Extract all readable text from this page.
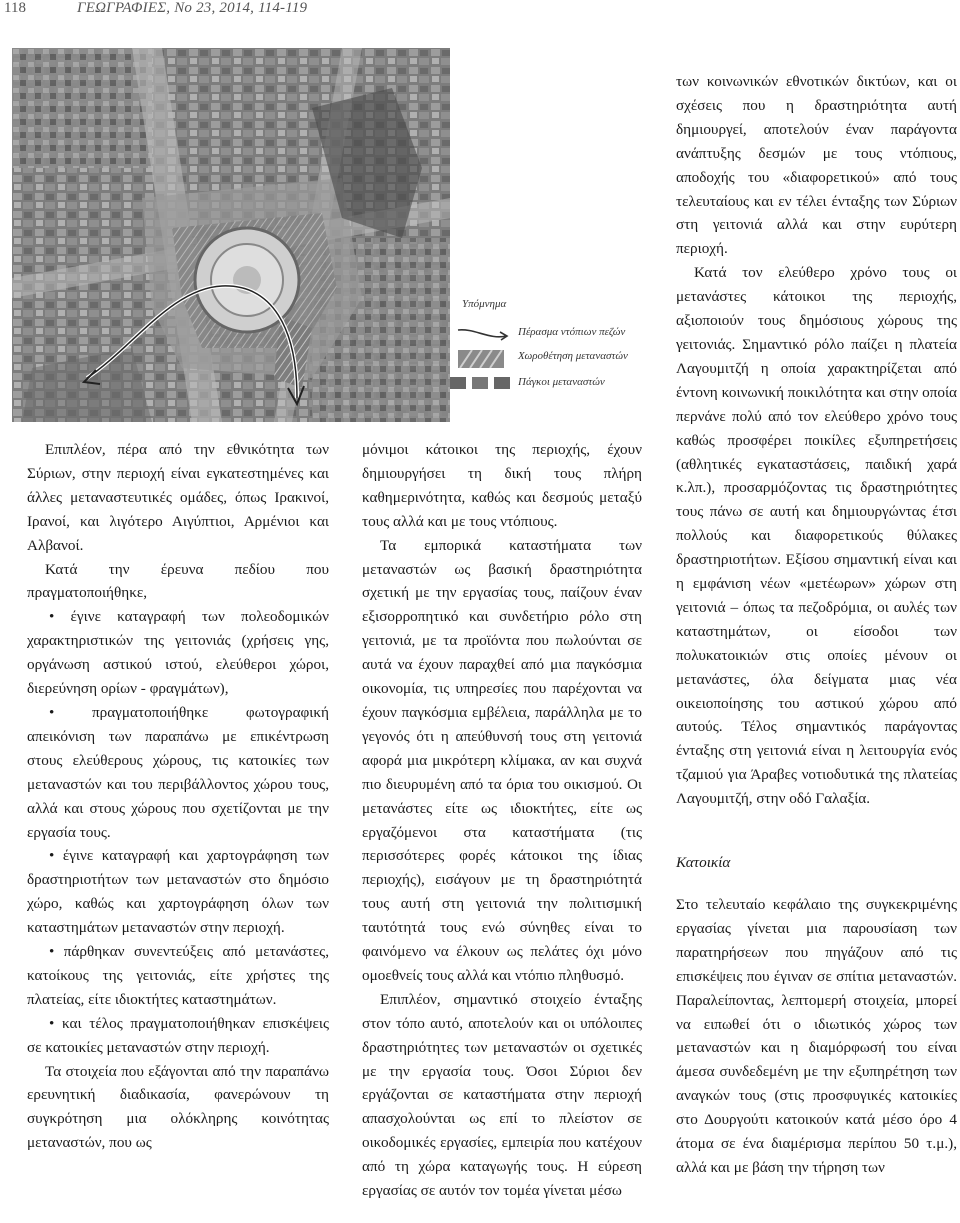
118	ΓΕΩΓΡΑΦΙΕΣ, Νο 23, 2014, 114-119
Υπόμνημα
Πέρασμα ντόπιων πεζών
Χωροθέτηση μεταναστών
Πάγκοι μεταναστών

Επιπλέον, πέρα από την εθνικότητα των Σύριων, στην περιοχή είναι εγκατεστημένες και άλλες μεταναστευτικές ομάδες, όπως Ιρακινοί, Ιρανοί, και λιγότερο Αιγύπτιοι, Αρμένιοι και Αλβανοί.

Κατά την έρευνα πεδίου που πραγματοποιήθηκε,

• έγινε καταγραφή των πολεοδομικών χαρακτηριστικών της γειτονιάς (χρήσεις γης, οργάνωση αστικού ιστού, ελεύθεροι χώροι, διερεύνηση ορίων - φραγμάτων),

• πραγματοποιήθηκε φωτογραφική απεικόνιση των παραπάνω με επικέντρωση στους ελεύθερους χώρους, τις κατοικίες των μεταναστών και του περιβάλλοντος χώρου τους, αλλά και στους χώρους που σχετίζονται με την εργασία τους.

• έγινε καταγραφή και χαρτογράφηση των δραστηριοτήτων των μεταναστών στο δημόσιο χώρο, καθώς και χαρτογράφηση όλων των καταστημάτων μεταναστών στην περιοχή.

• πάρθηκαν συνεντεύξεις από μετανάστες, κατοίκους της γειτονιάς, είτε χρήστες της πλατείας, είτε ιδιοκτήτες καταστημάτων.

• και τέλος πραγματοποιήθηκαν επισκέψεις σε κατοικίες μεταναστών στην περιοχή.

Τα στοιχεία που εξάγονται από την παραπάνω ερευνητική διαδικασία, φανερώνουν τη συγκρότηση μια ολόκληρης κοινότητας μεταναστών, που ως

μόνιμοι κάτοικοι της περιοχής, έχουν δημιουργήσει τη δική τους πλήρη καθημερινότητα, καθώς και δεσμούς μεταξύ τους αλλά και με τους ντόπιους.

Τα εμπορικά καταστήματα των μεταναστών ως βασική δραστηριότητα σχετική με την εργασίας τους, παίζουν έναν εξισορροπητικό και συνδετήριο ρόλο στη γειτονιά, με τα προϊόντα που πωλούνται σε αυτά να έχουν παραχθεί από μια παγκόσμια οικονομία, τις υπηρεσίες που παρέχονται να έχουν παγκόσμια εμβέλεια, παράλληλα με το γεγονός ότι η απεύθυνσή τους στη γειτονιά αφορά μια μικρότερη κλίμακα, αν και συχνά πιο διευρυμένη από τα όρια του οικισμού. Οι μετανάστες είτε ως ιδιοκτήτες, είτε ως εργαζόμενοι στα καταστήματα (τις περισσότερες φορές κάτοικοι της ίδιας περιοχής), εισάγουν με τη δραστηριότητά τους αυτή στη γειτονιά την πολιτισμική ταυτότητά τους ενώ σύνηθες είναι το φαινόμενο να έλκουν ως πελάτες όχι μόνο ομοεθνείς τους αλλά και ντόπιο πληθυσμό.

Επιπλέον, σημαντικό στοιχείο ένταξης στον τόπο αυτό, αποτελούν και οι υπόλοιπες δραστηριότητες των μεταναστών οι σχετικές με την εργασία τους. Όσοι Σύριοι δεν εργάζονται σε καταστήματα στην περιοχή απασχολούνται ως επί το πλείστον σε οικοδομικές εργασίες, εμπειρία που κατέχουν από τη χώρα καταγωγής τους. Η εύρεση εργασίας σε αυτόν τον τομέα γίνεται μέσω

των κοινωνικών εθνοτικών δικτύων, και οι σχέσεις που η δραστηριότητα αυτή δημιουργεί, αποτελούν έναν παράγοντα ανάπτυξης δεσμών με τους ντόπιους, αποδοχής του «διαφορετικού» από τους τελευταίους και εν τέλει ένταξης των Σύριων στη γειτονιά αλλά και στην ευρύτερη περιοχή.

Κατά τον ελεύθερο χρόνο τους οι μετανάστες κάτοικοι της περιοχής, αξιοποιούν τους δημόσιους χώρους της γειτονιάς. Σημαντικό ρόλο παίζει η πλατεία Λαγουμιτζή η οποία χαρακτηρίζεται από έντονη κοινωνική ποικιλότητα και στην οποία περνάνε πολύ από τον ελεύθερο χρόνο τους καθώς προσφέρει ποικίλες εξυπηρετήσεις (αθλητικές εγκαταστάσεις, παιδική χαρά κ.λπ.), προσαρμόζοντας τις δραστηριότητες τους πάνω σε αυτή και δημιουργώντας έτσι πολλούς και διαφορετικούς θύλακες δραστηριοτήτων. Εξίσου σημαντική είναι και η εμφάνιση νέων «μετέωρων» χώρων στη γειτονιά – όπως τα πεζοδρόμια, οι αυλές των καταστημάτων, οι είσοδοι των πολυκατοικιών στις οποίες μένουν οι μετανάστες, όλα δείγματα μιας νέα οικειοποίησης του αστικού χώρου από αυτούς. Τέλος σημαντικός παράγοντας ένταξης στη γειτονιά είναι η λειτουργία ενός τζαμιού για Άραβες νοτιοδυτικά της πλατείας Λαγουμιτζή, στην οδό Γαλαξία.

Κατοικία

Στο τελευταίο κεφάλαιο της συγκεκριμένης εργασίας γίνεται μια παρουσίαση των παρατηρήσεων που πηγάζουν από τις επισκέψεις που έγιναν σε σπίτια μεταναστών. Παραλείποντας, λεπτομερή στοιχεία, μπορεί να ειπωθεί ότι ο ιδιωτικός χώρος των μεταναστών και η διαμόρφωσή του είναι άμεσα συνδεδεμένη με την εξυπηρέτηση των αναγκών τους (στις προσφυγικές κατοικίες στο Δουργούτι κατοικούν κατά μέσο όρο 4 άτομα σε ένα διαμέρισμα περίπου 50 τ.μ.), αλλά και με βάση την τήρηση των
